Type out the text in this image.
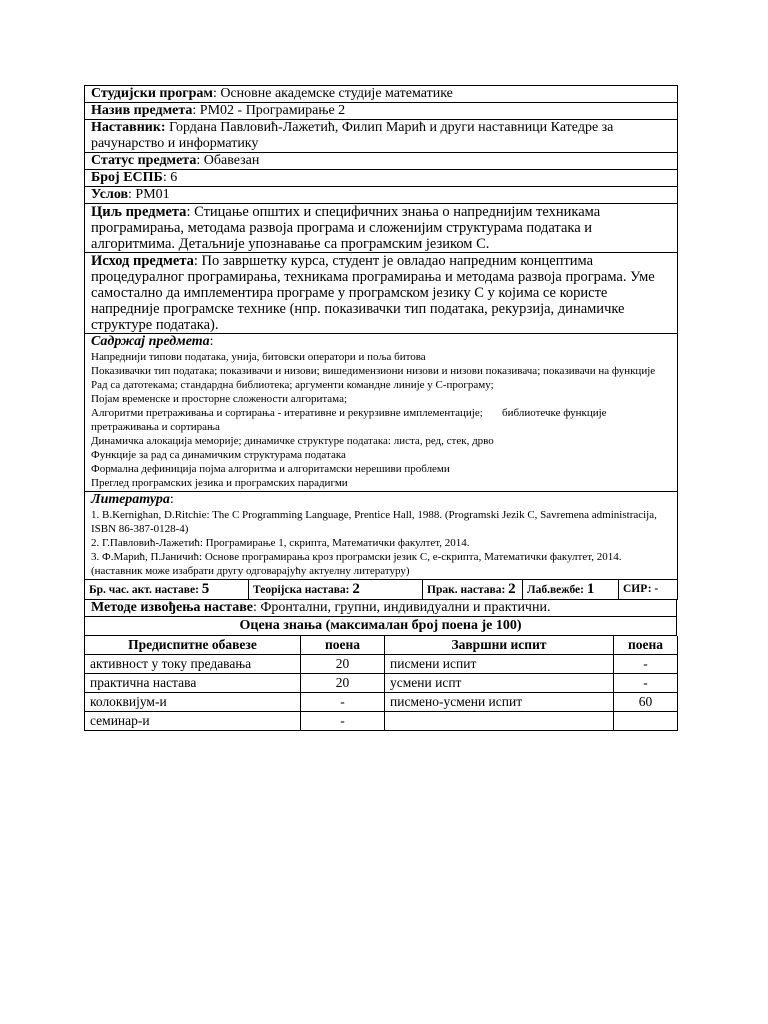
Студијски програм: Основне академске студије математике
Назив предмета: РМ02 - Програмирање 2
Наставник: Гордана Павловић-Лажетић, Филип Марић и други наставници Катедре за рачунарство и информатику
Статус предмета: Обавезан
Број ЕСПБ: 6
Услов: РМ01
Циљ предмета: Стицање општих и специфичних знања о напреднијим техникама програмирања, методама развоја програма и сложенијим структурама података и алгоритмима. Детаљније упознавање са програмским језиком С.
Исход предмета: По завршетку курса, студент је овладао напредним концептима процедуралног програмирања, техникама програмирања и методама развоја програма. Уме самостално да имплементира програме у програмском језику С у којима се користе напредније програмске технике (нпр. показивачки тип података, рекурзија, динамичке структуре података).

Садржај предмета:
Напреднији типови података, унија, битовски оператори и поља битова
Показивачки тип података; показивачи и низови; вишедимензиони низови и низови показивача; показивачи на функције
Рад са датотекама; стандардна библиотека; аргументи командне линије у С-програму;
Појам временске и просторне сложености алгоритама;
Алгоритми претраживања и сортирања - итеративне и рекурзивне имплементације;       библиотечке функције претраживања и сортирања
Динамичка алокација меморије; динамичке структуре података: листа, ред, стек, дрво
Функције за рад са динамичким структурама података
Формална дефиниција појма алгоритма и алгоритамски нерешиви проблеми
Преглед програмских језика и програмских парадигми

Литература:
1. B.Kernighan, D.Ritchie: The C Programming Language, Prentice Hall, 1988. (Programski Jezik C, Savremena administracija, ISBN 86-387-0128-4)
2. Г.Павловић-Лажетић: Програмирање 1, скрипта, Математички факултет, 2014.
3. Ф.Марић, П.Јаничић: Основе програмирања кроз програмски језик С, е-скрипта, Математички факултет, 2014.
(наставник може изабрати другу одговарајућу актуелну литературу)
Бр. час. акт. наставе: 5	Теорijска настава: 2	Прак. настава: 2	Лаб.вежбе: 1	СИР: -
Методе извођења наставе: Фронтални, групни, индивидуални и практични.
Оцена знања (максималан број поена је 100)
Предиспитне обавезе	поена	Завршни испит	поена
активност у току предавања	20	писмени испит	-
практична настава	20	усмени испт	-
колоквијум-и	-	писмено-усмени испит	60
семинар-и	-		
